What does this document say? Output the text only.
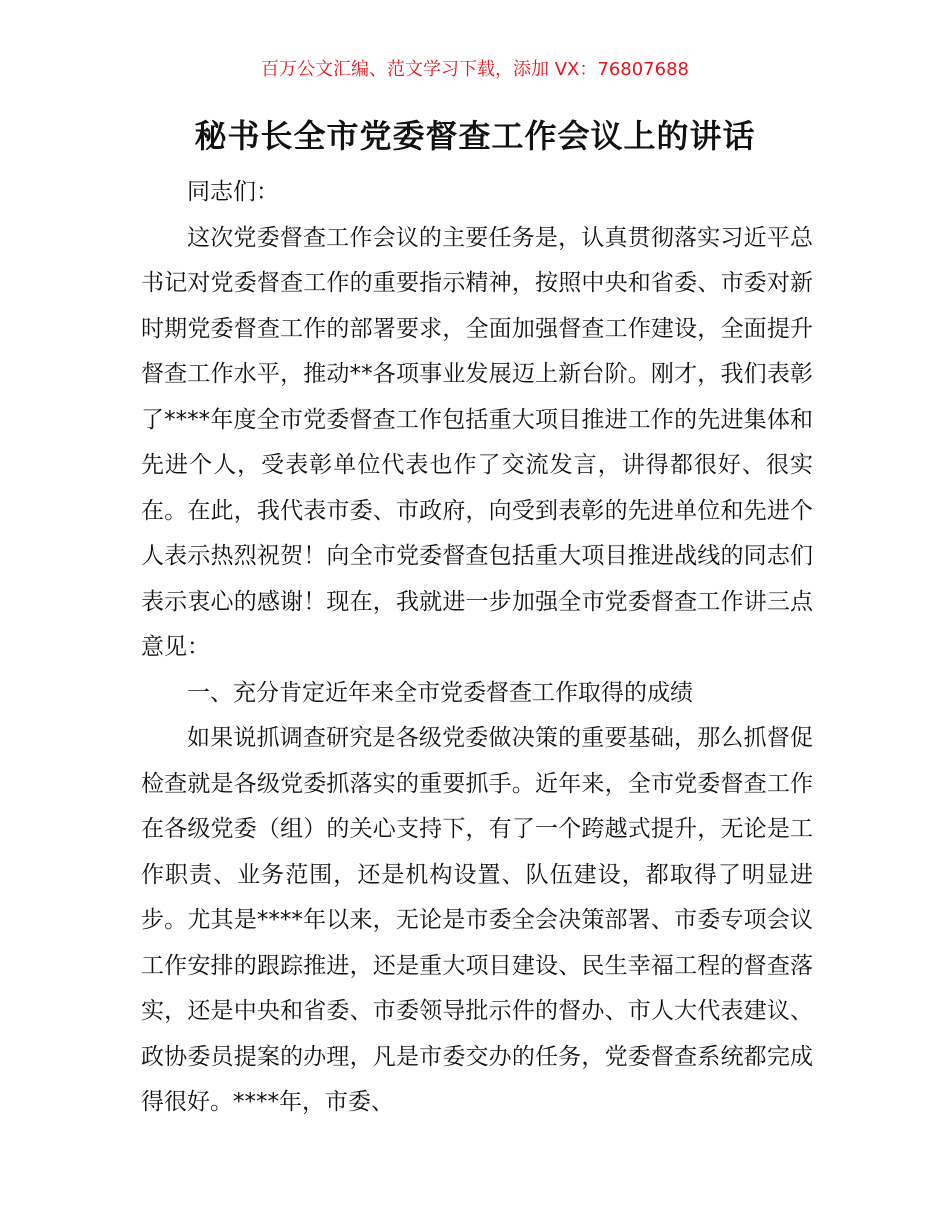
百万公文汇编、范文学习下载，添加 VX：76807688
秘书长全市党委督查工作会议上的讲话

同志们：

这次党委督查工作会议的主要任务是，认真贯彻落实习近平总书记对党委督查工作的重要指示精神，按照中央和省委、市委对新时期党委督查工作的部署要求，全面加强督查工作建设，全面提升督查工作水平，推动**各项事业发展迈上新台阶。刚才，我们表彰了****年度全市党委督查工作包括重大项目推进工作的先进集体和先进个人，受表彰单位代表也作了交流发言，讲得都很好、很实在。在此，我代表市委、市政府，向受到表彰的先进单位和先进个人表示热烈祝贺！向全市党委督查包括重大项目推进战线的同志们表示衷心的感谢！现在，我就进一步加强全市党委督查工作讲三点意见：

一、充分肯定近年来全市党委督查工作取得的成绩

如果说抓调查研究是各级党委做决策的重要基础，那么抓督促检查就是各级党委抓落实的重要抓手。近年来，全市党委督查工作在各级党委（组）的关心支持下，有了一个跨越式提升，无论是工作职责、业务范围，还是机构设置、队伍建设，都取得了明显进步。尤其是****年以来，无论是市委全会决策部署、市委专项会议工作安排的跟踪推进，还是重大项目建设、民生幸福工程的督查落实，还是中央和省委、市委领导批示件的督办、市人大代表建议、政协委员提案的办理，凡是市委交办的任务，党委督查系统都完成得很好。****年，市委、
